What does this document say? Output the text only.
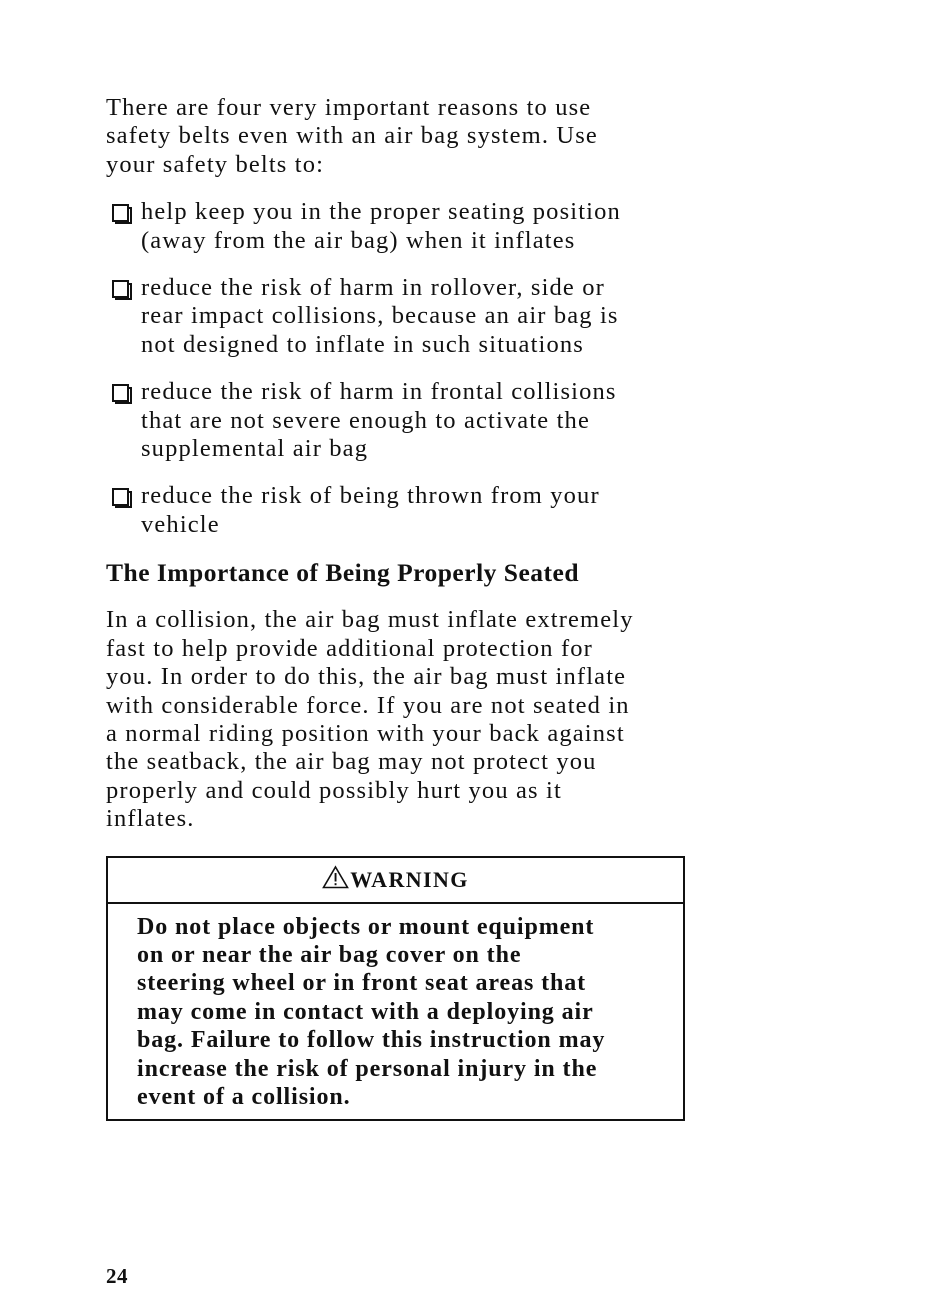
There are four very important reasons to use
safety belts even with an air bag system. Use
your safety belts to:

help keep you in the proper seating position
(away from the air bag) when it inflates
reduce the risk of harm in rollover, side or
rear impact collisions, because an air bag is
not designed to inflate in such situations
reduce the risk of harm in frontal collisions
that are not severe enough to activate the
supplemental air bag
reduce the risk of being thrown from your
vehicle
The Importance of Being Properly Seated

In a collision, the air bag must inflate extremely
fast to help provide additional protection for
you. In order to do this, the air bag must inflate
with considerable force. If you are not seated in
a normal riding position with your back against
the seatback, the air bag may not protect you
properly and could possibly hurt you as it
inflates.

WARNING
Do not place objects or mount equipment
on or near the air bag cover on the
steering wheel or in front seat areas that
may come in contact with a deploying air
bag. Failure to follow this instruction may
increase the risk of personal injury in the
event of a collision.
24
